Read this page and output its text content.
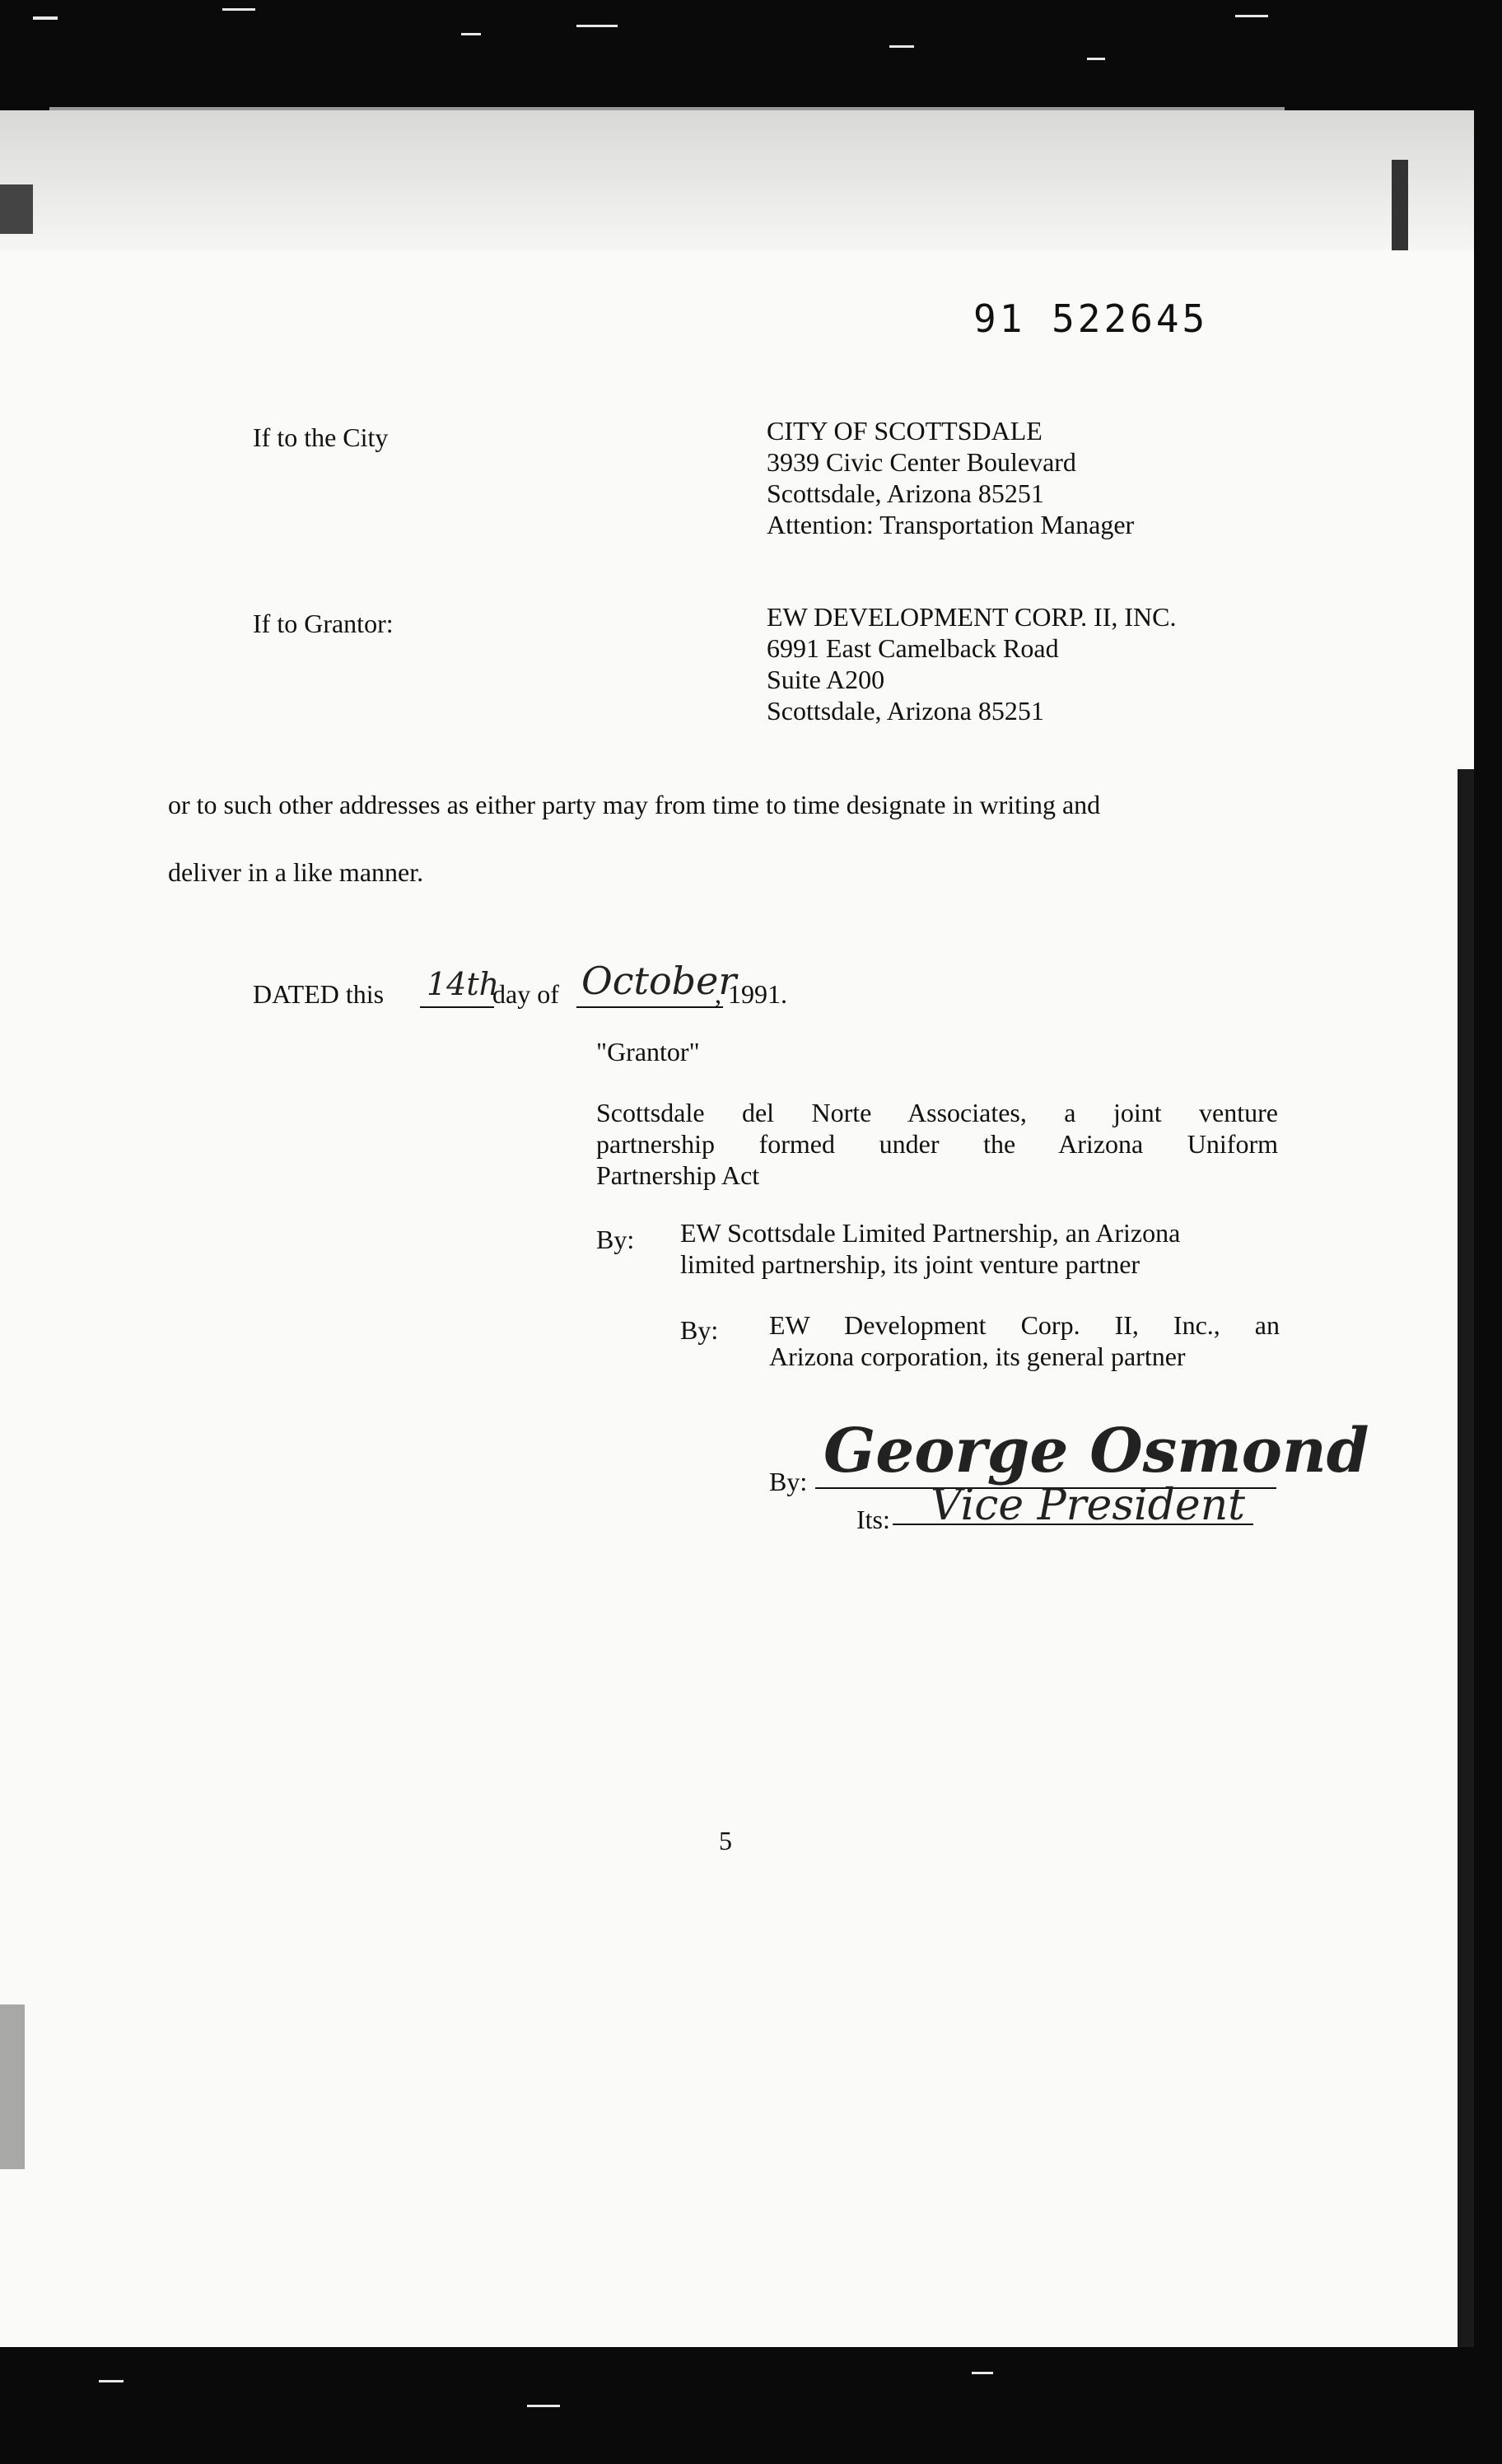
91 522645
If to the City	CITY OF SCOTTSDALE
3939 Civic Center Boulevard
Scottsdale, Arizona 85251
Attention: Transportation Manager
If to Grantor:	EW DEVELOPMENT CORP. II, INC.
6991 East Camelback Road
Suite A200
Scottsdale, Arizona 85251
or to such other addresses as either party may from time to time designate in writing and
deliver in a like manner.
DATED this 14th
day of October
, 1991.
"Grantor"
Scottsdale del Norte Associates, a joint venture
partnership formed under the Arizona Uniform
Partnership Act
By: EW Scottsdale Limited Partnership, an Arizona
limited partnership, its joint venture partner
By: EW Development Corp. II, Inc., an
Arizona corporation, its general partner
By: George Osmond
Its: Vice President
5
